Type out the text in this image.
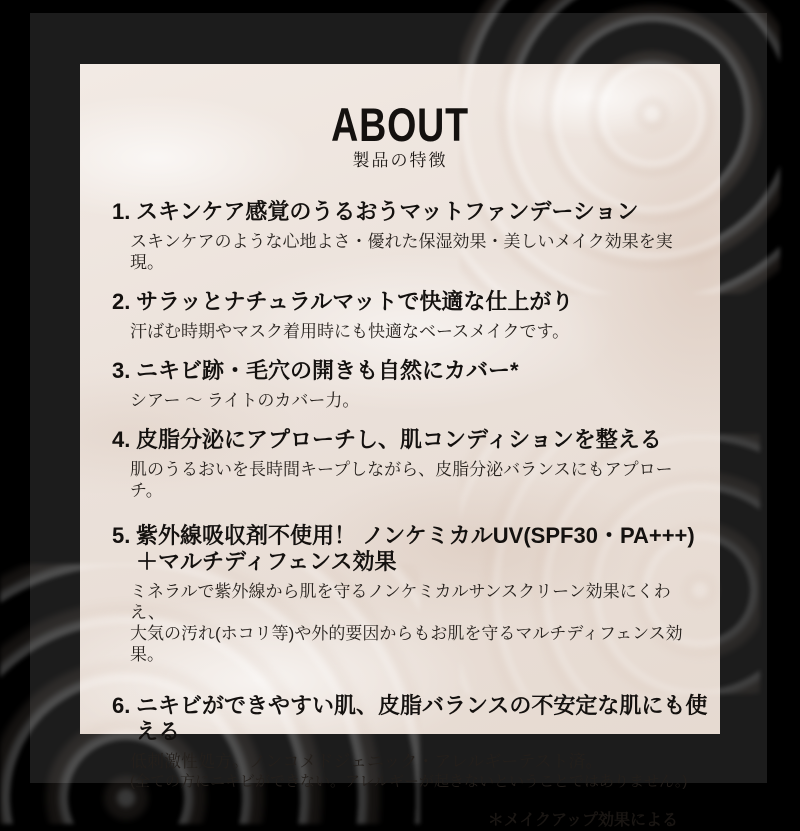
ABOUT
製品の特徴
1. スキンケア感覚のうるおうマットファンデーション
スキンケアのような心地よさ・優れた保湿効果・美しいメイク効果を実現。
2. サラッとナチュラルマットで快適な仕上がり
汗ばむ時期やマスク着用時にも快適なベースメイクです。
3. ニキビ跡・毛穴の開きも自然にカバー*
シアー ～ ライトのカバー力。
4. 皮脂分泌にアプローチし、肌コンディションを整える
肌のうるおいを長時間キープしながら、皮脂分泌バランスにもアプローチ。
5. 紫外線吸収剤不使用！ ノンケミカルUV(SPF30・PA+++)
＋マルチディフェンス効果
ミネラルで紫外線から肌を守るノンケミカルサンスクリーン効果にくわえ、
大気の汚れ(ホコリ等)や外的要因からもお肌を守るマルチディフェンス効果。
6. ニキビができやすい肌、皮脂バランスの不安定な肌にも使える
低刺激性処方。ノンコメドジェニック・アレルギーテスト済。
(全ての方にニキビができない。アレルギーが起きないということではありません。)
＊メイクアップ効果による
